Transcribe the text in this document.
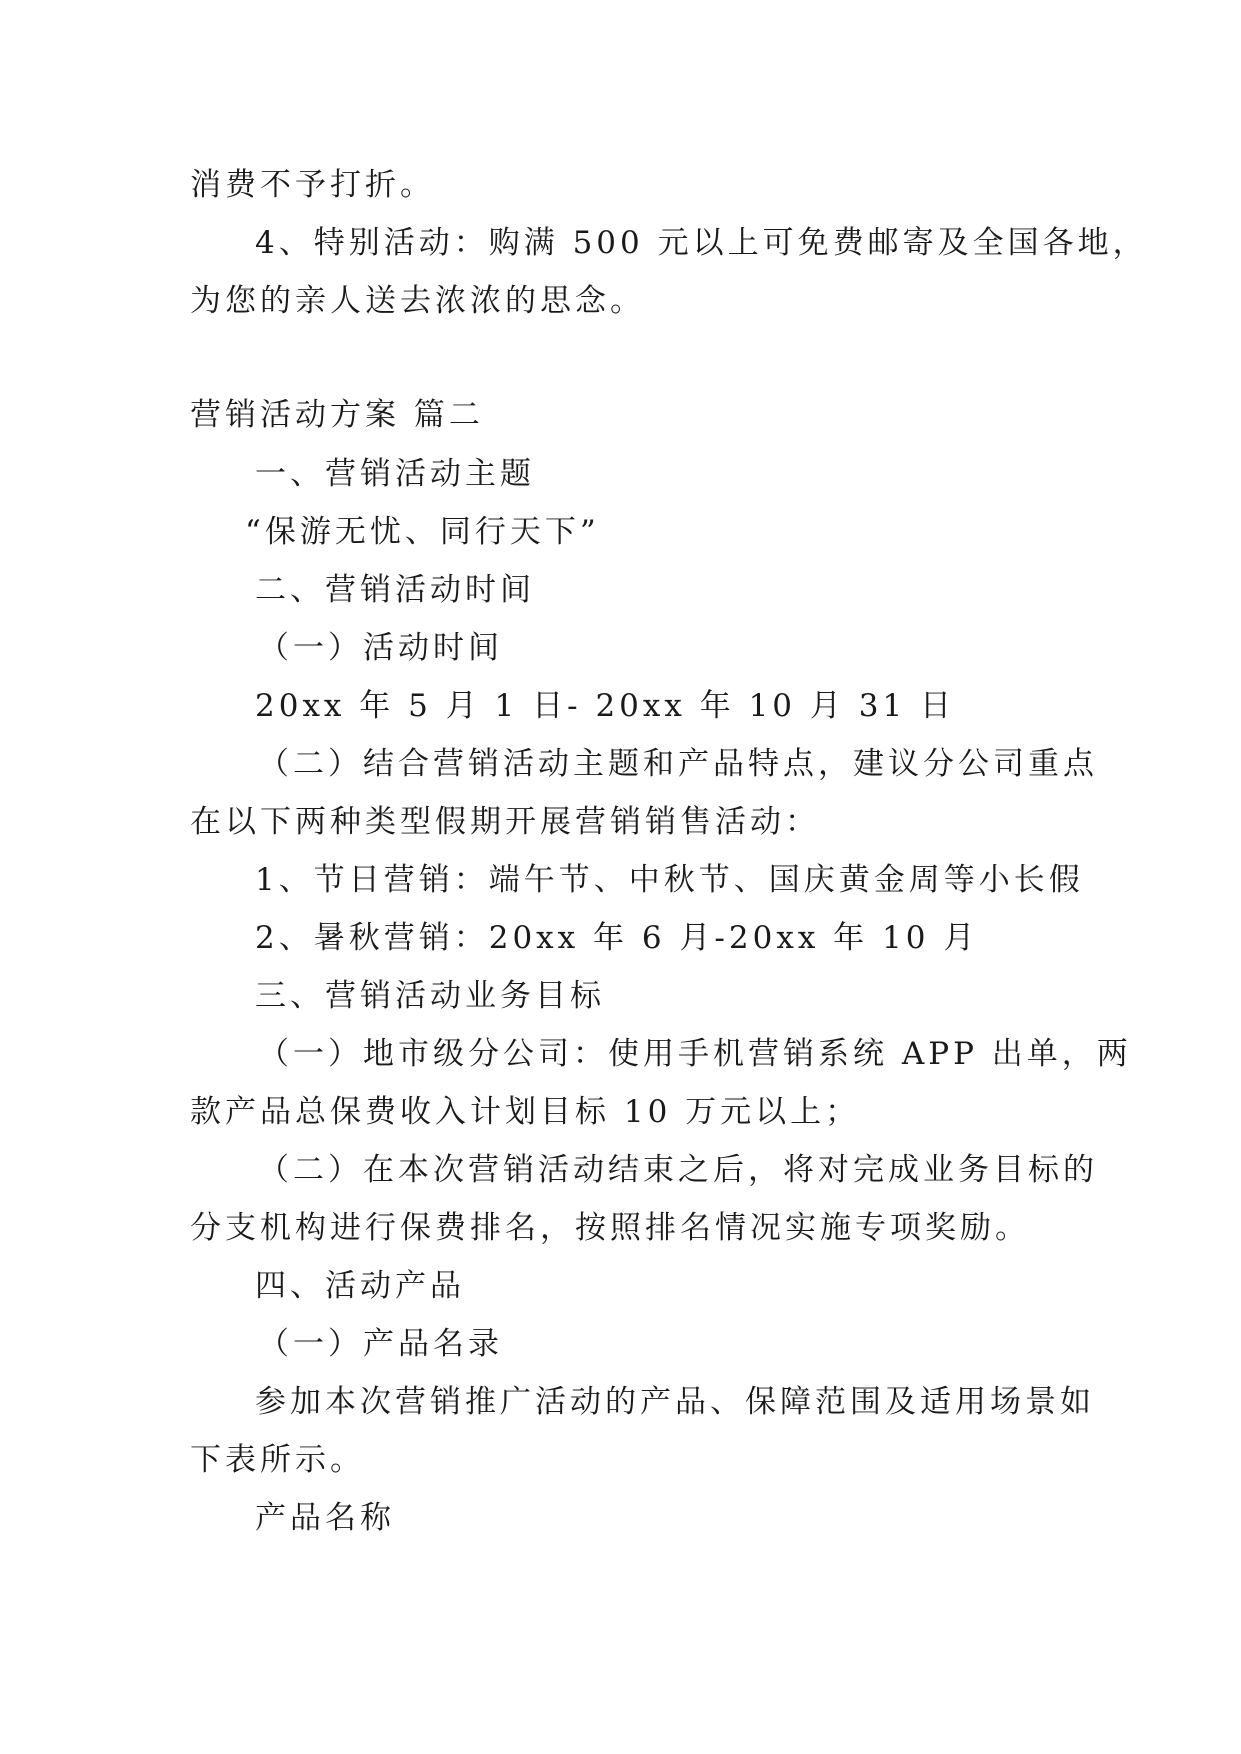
消费不予打折。
4、特别活动：购满 500 元以上可免费邮寄及全国各地，
为您的亲人送去浓浓的思念。
营销活动方案 篇二
一、营销活动主题
“保游无忧、同行天下”
二、营销活动时间
（一）活动时间
20xx 年 5 月 1 日- 20xx 年 10 月 31 日
（二）结合营销活动主题和产品特点，建议分公司重点
在以下两种类型假期开展营销销售活动：
1、节日营销：端午节、中秋节、国庆黄金周等小长假
2、暑秋营销：20xx 年 6 月-20xx 年 10 月
三、营销活动业务目标
（一）地市级分公司：使用手机营销系统 APP 出单，两
款产品总保费收入计划目标 10 万元以上；
（二）在本次营销活动结束之后，将对完成业务目标的
分支机构进行保费排名，按照排名情况实施专项奖励。
四、活动产品
（一）产品名录
参加本次营销推广活动的产品、保障范围及适用场景如
下表所示。
产品名称
